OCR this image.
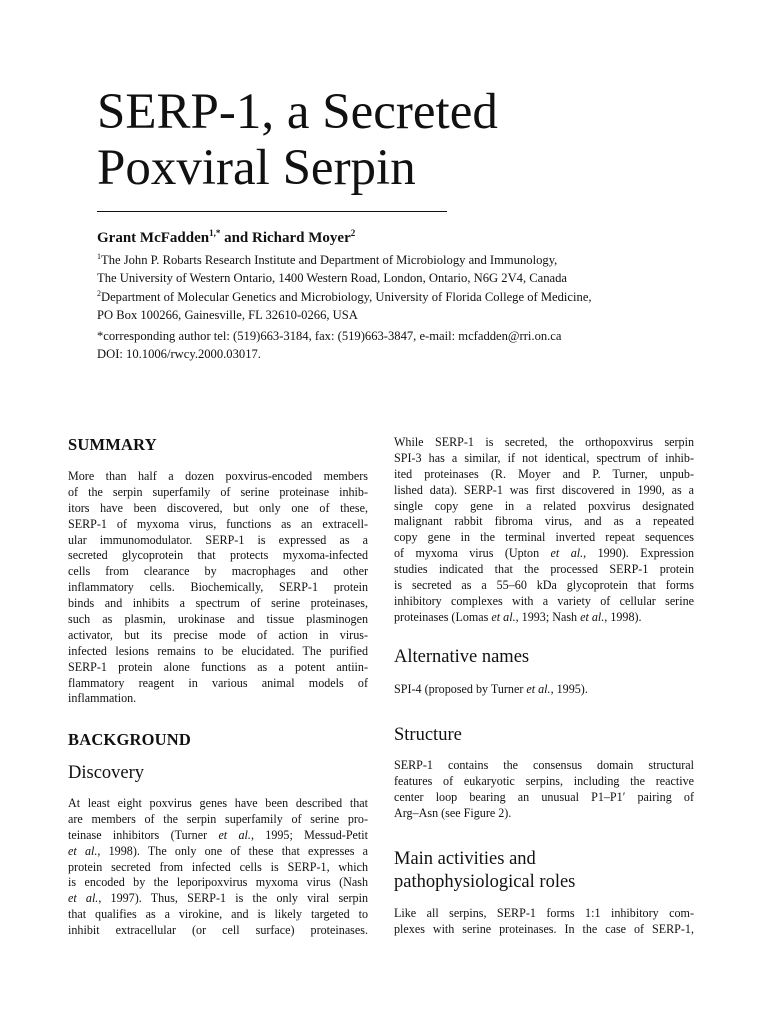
SERP-1, a Secreted
Poxviral Serpin
Grant McFadden$^{1,*}$ and Richard Moyer$^2$
$^1$The John P. Robarts Research Institute and Department of Microbiology and Immunology,
The University of Western Ontario, 1400 Western Road, London, Ontario, N6G 2V4, Canada
$^2$Department of Molecular Genetics and Microbiology, University of Florida College of Medicine,
PO Box 100266, Gainesville, FL 32610-0266, USA
*corresponding author tel: (519)663-3184, fax: (519)663-3847, e-mail: mcfadden@rri.on.ca
DOI: 10.1006/rwcy.2000.03017.
SUMMARY
More than half a dozen poxvirus-encoded members
of the serpin superfamily of serine proteinase inhib-
itors have been discovered, but only one of these,
SERP-1 of myxoma virus, functions as an extracell-
ular immunomodulator. SERP-1 is expressed as a
secreted glycoprotein that protects myxoma-infected
cells from clearance by macrophages and other
inflammatory cells. Biochemically, SERP-1 protein
binds and inhibits a spectrum of serine proteinases,
such as plasmin, urokinase and tissue plasminogen
activator, but its precise mode of action in virus-
infected lesions remains to be elucidated. The purified
SERP-1 protein alone functions as a potent antiin-
flammatory reagent in various animal models of
inflammation.
BACKGROUND
Discovery
At least eight poxvirus genes have been described that
are members of the serpin superfamily of serine pro-
teinase inhibitors (Turner et al., 1995; Messud-Petit
et al., 1998). The only one of these that expresses a
protein secreted from infected cells is SERP-1, which
is encoded by the leporipoxvirus myxoma virus (Nash
et al., 1997). Thus, SERP-1 is the only viral serpin
that qualifies as a virokine, and is likely targeted to
inhibit extracellular (or cell surface) proteinases.
While SERP-1 is secreted, the orthopoxvirus serpin
SPI-3 has a similar, if not identical, spectrum of inhib-
ited proteinases (R. Moyer and P. Turner, unpub-
lished data). SERP-1 was first discovered in 1990, as a
single copy gene in a related poxvirus designated
malignant rabbit fibroma virus, and as a repeated
copy gene in the terminal inverted repeat sequences
of myxoma virus (Upton et al., 1990). Expression
studies indicated that the processed SERP-1 protein
is secreted as a 55–60 kDa glycoprotein that forms
inhibitory complexes with a variety of cellular serine
proteinases (Lomas et al., 1993; Nash et al., 1998).
Alternative names
SPI-4 (proposed by Turner et al., 1995).
Structure
SERP-1 contains the consensus domain structural
features of eukaryotic serpins, including the reactive
center loop bearing an unusual P1–P1′ pairing of
Arg–Asn (see Figure 2).
Main activities and
pathophysiological roles
Like all serpins, SERP-1 forms 1:1 inhibitory com-
plexes with serine proteinases. In the case of SERP-1,
